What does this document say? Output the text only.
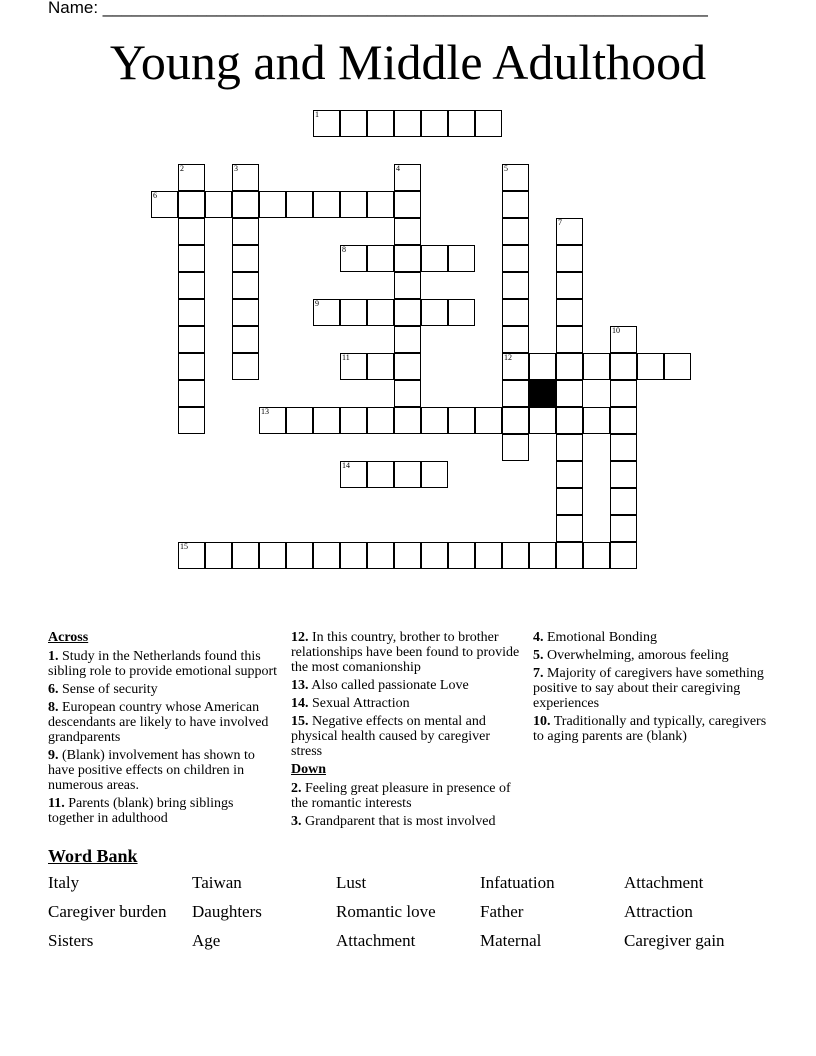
Name: ________________________________________________________________
Young and Middle Adulthood
1
6
8
9
11	12
13
14
15
2	3	4	5
7
10
Across
1. Study in the Netherlands found this sibling role to provide emotional support
6. Sense of security
8. European country whose American descendants are likely to have involved grandparents
9. (Blank) involvement has shown to have positive effects on children in numerous areas.
11. Parents (blank) bring siblings together in adulthood
12. In this country, brother to brother relationships have been found to provide the most comanionship
13. Also called passionate Love
14. Sexual Attraction
15. Negative effects on mental and physical health caused by caregiver stress
Down
2. Feeling great pleasure in presence of the romantic interests
3. Grandparent that is most involved
4. Emotional Bonding
5. Overwhelming, amorous feeling
7. Majority of caregivers have something positive to say about their caregiving experiences
10. Traditionally and typically, caregivers to aging parents are (blank)
Word Bank
Italy	Taiwan	Lust	Infatuation	Attachment
Caregiver burden	Daughters	Romantic love	Father	Attraction
Sisters	Age	Attachment	Maternal	Caregiver gain
